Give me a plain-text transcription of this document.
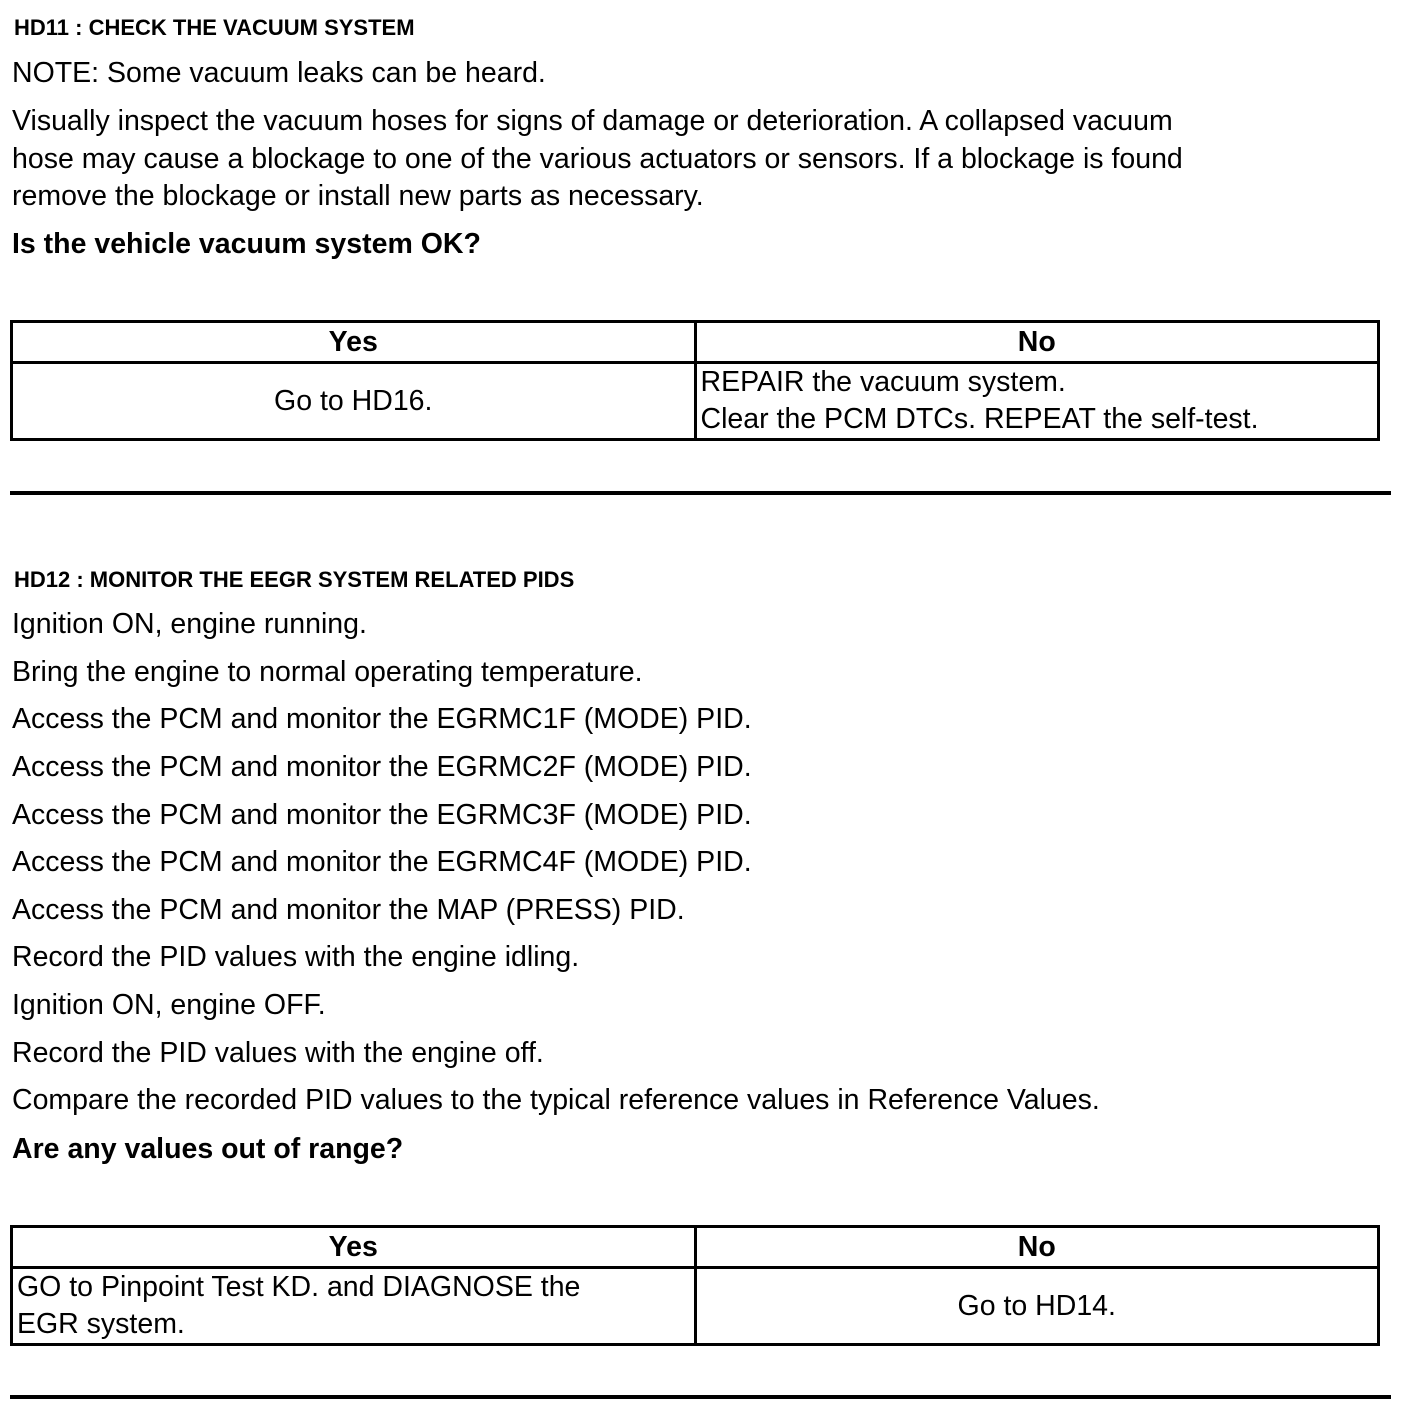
HD11 : CHECK THE VACUUM SYSTEM
NOTE: Some vacuum leaks can be heard.
Visually inspect the vacuum hoses for signs of damage or deterioration. A collapsed vacuum
hose may cause a blockage to one of the various actuators or sensors. If a blockage is found
remove the blockage or install new parts as necessary.
Is the vehicle vacuum system OK?
Yes	No
Go to HD16.	REPAIR the vacuum system.
Clear the PCM DTCs. REPEAT the self-test.
HD12 : MONITOR THE EEGR SYSTEM RELATED PIDS
Ignition ON, engine running.
Bring the engine to normal operating temperature.
Access the PCM and monitor the EGRMC1F (MODE) PID.
Access the PCM and monitor the EGRMC2F (MODE) PID.
Access the PCM and monitor the EGRMC3F (MODE) PID.
Access the PCM and monitor the EGRMC4F (MODE) PID.
Access the PCM and monitor the MAP (PRESS) PID.
Record the PID values with the engine idling.
Ignition ON, engine OFF.
Record the PID values with the engine off.
Compare the recorded PID values to the typical reference values in Reference Values.
Are any values out of range?
Yes	No

GO to Pinpoint Test KD. and DIAGNOSE the
EGR system.	Go to HD14.
